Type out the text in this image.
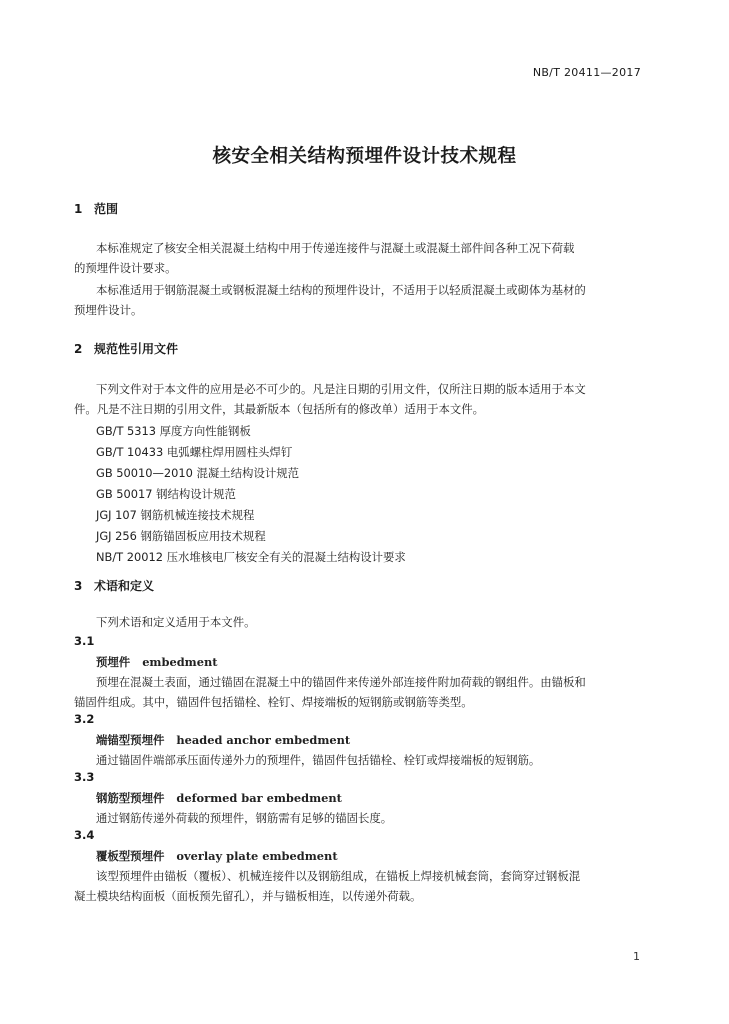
NB/T 20411—2017
核安全相关结构预埋件设计技术规程
1 范围
本标准规定了核安全相关混凝土结构中用于传递连接件与混凝土或混凝土部件间各种工况下荷载
的预埋件设计要求。
本标准适用于钢筋混凝土或钢板混凝土结构的预埋件设计，不适用于以轻质混凝土或砌体为基材的
预埋件设计。
2 规范性引用文件
下列文件对于本文件的应用是必不可少的。凡是注日期的引用文件，仅所注日期的版本适用于本文
件。凡是不注日期的引用文件，其最新版本（包括所有的修改单）适用于本文件。
GB/T 5313 厚度方向性能钢板
GB/T 10433 电弧螺柱焊用圆柱头焊钉
GB 50010—2010 混凝土结构设计规范
GB 50017 钢结构设计规范
JGJ 107 钢筋机械连接技术规程
JGJ 256 钢筋锚固板应用技术规程
NB/T 20012 压水堆核电厂核安全有关的混凝土结构设计要求
3 术语和定义
下列术语和定义适用于本文件。
3.1
预埋件 embedment
预埋在混凝土表面，通过锚固在混凝土中的锚固件来传递外部连接件附加荷载的钢组件。由锚板和
锚固件组成。其中，锚固件包括锚栓、栓钉、焊接端板的短钢筋或钢筋等类型。
3.2
端锚型预埋件 headed anchor embedment
通过锚固件端部承压面传递外力的预埋件，锚固件包括锚栓、栓钉或焊接端板的短钢筋。
3.3
钢筋型预埋件 deformed bar embedment
通过钢筋传递外荷载的预埋件，钢筋需有足够的锚固长度。
3.4
覆板型预埋件 overlay plate embedment
该型预埋件由锚板（覆板）、机械连接件以及钢筋组成，在锚板上焊接机械套筒，套筒穿过钢板混
凝土模块结构面板（面板预先留孔），并与锚板相连，以传递外荷载。
1
